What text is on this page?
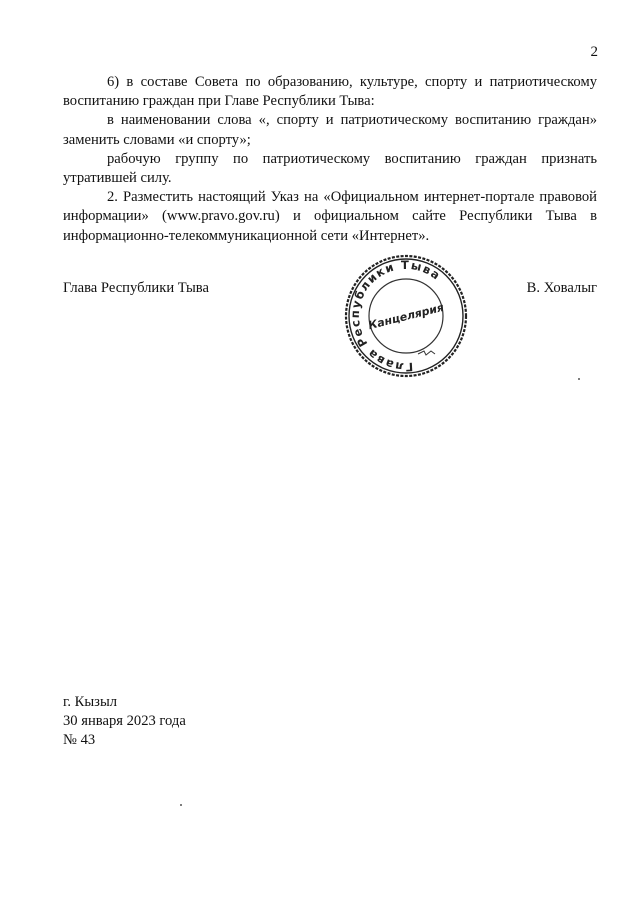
2

6) в составе Совета по образованию, культуре, спорту и патриотическому воспитанию граждан при Главе Республики Тыва:

в наименовании слова «, спорту и патриотическому воспитанию граждан» заменить словами «и спорту»;

рабочую группу по патриотическому воспитанию граждан признать утратившей силу.

2. Разместить настоящий Указ на «Официальном интернет-портале правовой информации» (www.pravo.gov.ru) и официальном сайте Республики Тыва в информационно-телекоммуникационной сети «Интернет».

Глава Республики Тыва	В. Ховалыг
Глава Республики Тыва
Канцелярия
г. Кызыл
30 января 2023 года
№ 43
